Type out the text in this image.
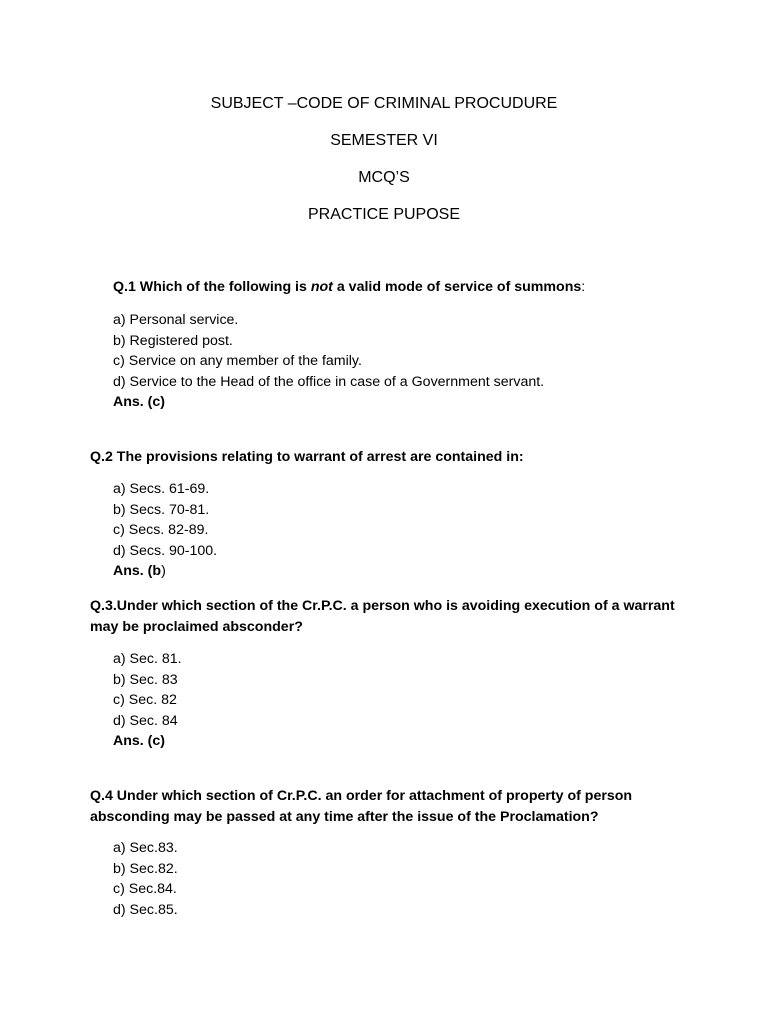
SUBJECT –CODE OF CRIMINAL PROCUDURE
SEMESTER VI
MCQ’S
PRACTICE PUPOSE
Q.1 Which of the following is not a valid mode of service of summons:
a) Personal service.
b) Registered post.
c) Service on any member of the family.
d) Service to the Head of the office in case of a Government servant.
Ans. (c)
Q.2 The provisions relating to warrant of arrest are contained in:
a) Secs. 61-69.
b) Secs. 70-81.
c) Secs. 82-89.
d) Secs. 90-100.
Ans. (b)
Q.3.Under which section of the Cr.P.C. a person who is avoiding execution of a warrant may be proclaimed absconder?
a) Sec. 81.
b) Sec. 83
c) Sec. 82
d) Sec. 84
Ans. (c)
Q.4 Under which section of Cr.P.C. an order for attachment of property of person absconding may be passed at any time after the issue of the Proclamation?
a) Sec.83.
b) Sec.82.
c) Sec.84.
d) Sec.85.
